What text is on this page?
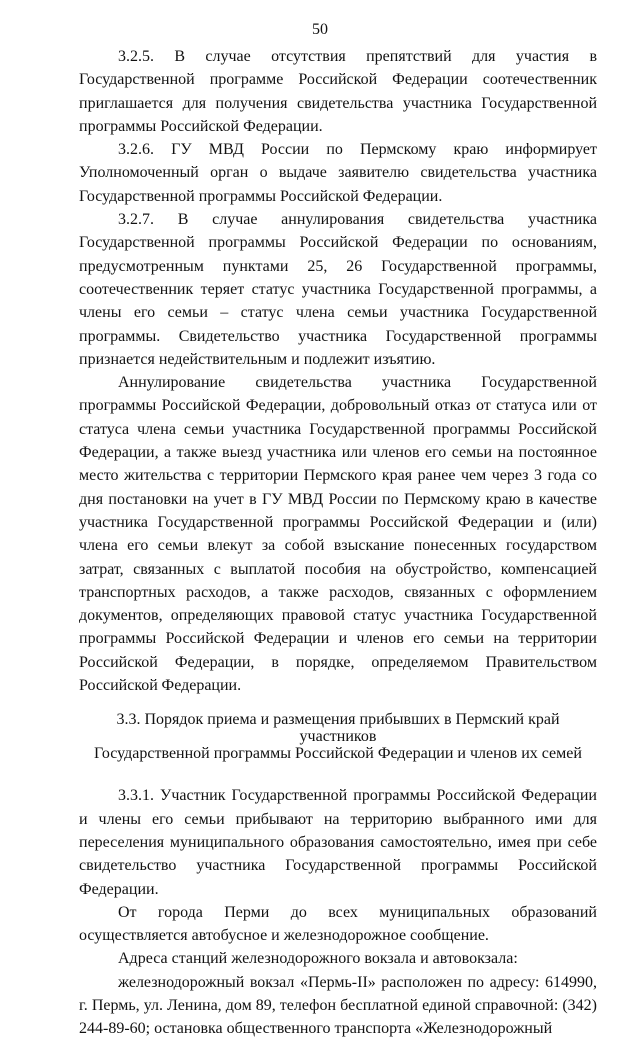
50

3.2.5. В случае отсутствия препятствий для участия в Государственной программе Российской Федерации соотечественник приглашается для получения свидетельства участника Государственной программы Российской Федерации.

3.2.6. ГУ МВД России по Пермскому краю информирует Уполномоченный орган о выдаче заявителю свидетельства участника Государственной программы Российской Федерации.

3.2.7. В случае аннулирования свидетельства участника Государственной программы Российской Федерации по основаниям, предусмотренным пунктами 25, 26 Государственной программы, соотечественник теряет статус участника Государственной программы, а члены его семьи – статус члена семьи участника Государственной программы. Свидетельство участника Государственной программы признается недействительным и подлежит изъятию.

Аннулирование свидетельства участника Государственной программы Российской Федерации, добровольный отказ от статуса или от статуса члена семьи участника Государственной программы Российской Федерации, а также выезд участника или членов его семьи на постоянное место жительства с территории Пермского края ранее чем через 3 года со дня постановки на учет в ГУ МВД России по Пермскому краю в качестве участника Государственной программы Российской Федерации и (или) члена его семьи влекут за собой взыскание понесенных государством затрат, связанных с выплатой пособия на обустройство, компенсацией транспортных расходов, а также расходов, связанных с оформлением документов, определяющих правовой статус участника Государственной программы Российской Федерации и членов его семьи на территории Российской Федерации, в порядке, определяемом Правительством Российской Федерации.

3.3. Порядок приема и размещения прибывших в Пермский край участников
Государственной программы Российской Федерации и членов их семей

3.3.1. Участник Государственной программы Российской Федерации и члены его семьи прибывают на территорию выбранного ими для переселения муниципального образования самостоятельно, имея при себе свидетельство участника Государственной программы Российской Федерации.

От города Перми до всех муниципальных образований осуществляется автобусное и железнодорожное сообщение.

Адреса станций железнодорожного вокзала и автовокзала:

железнодорожный вокзал «Пермь-II» расположен по адресу: 614990, г. Пермь, ул. Ленина, дом 89, телефон бесплатной единой справочной: (342) 244-89-60; остановка общественного транспорта «Железнодорожный
